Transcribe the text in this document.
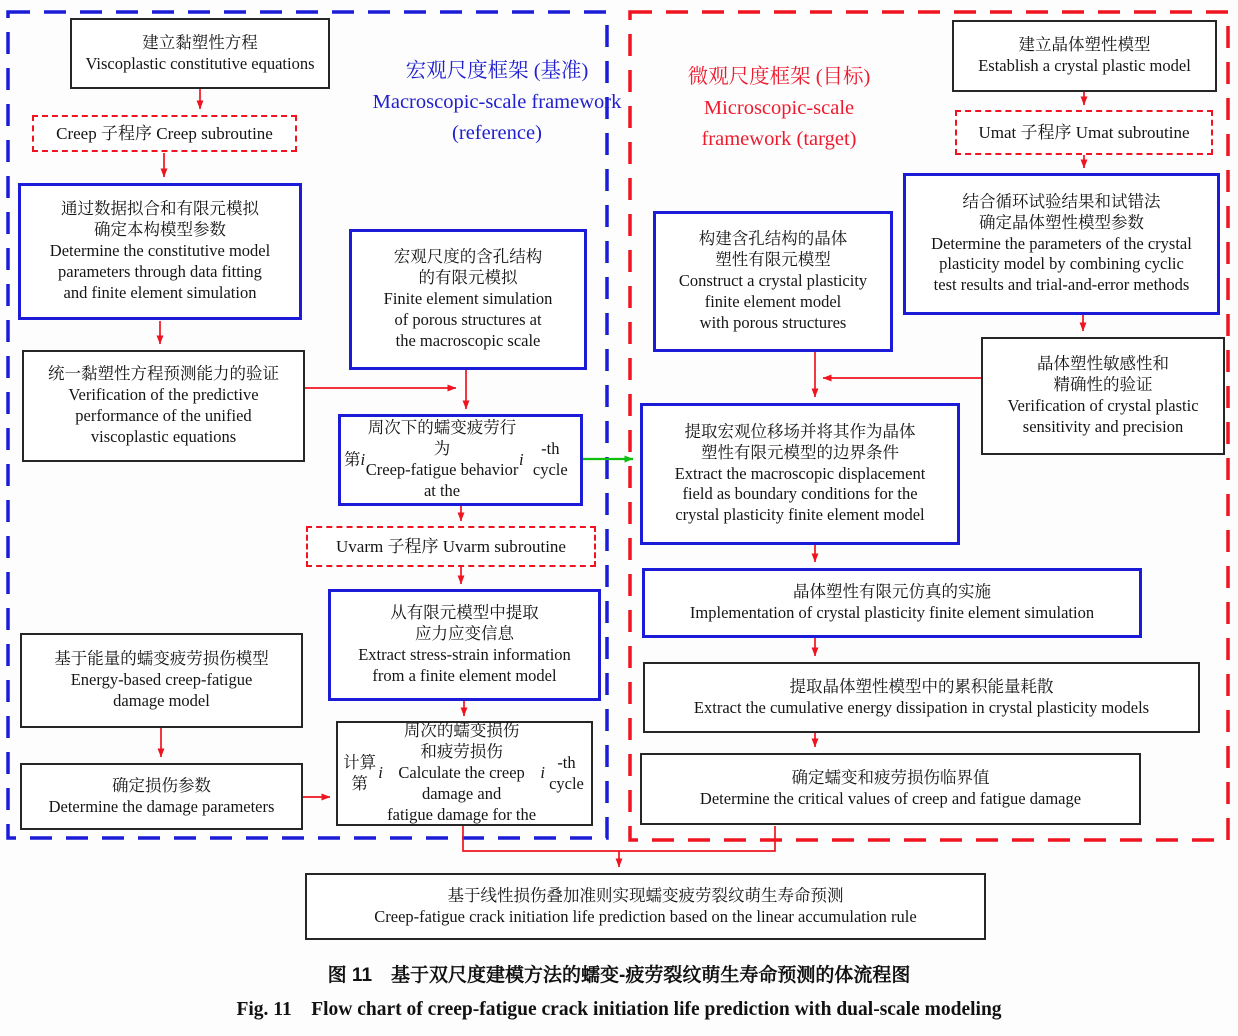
宏观尺度框架 (基准)
Macroscopic-scale framework
(reference)
微观尺度框架 (目标)
Microscopic-scale
framework (target)
建立黏塑性方程
Viscoplastic constitutive equations
Creep 子程序 Creep subroutine
通过数据拟合和有限元模拟
确定本构模型参数
Determine the constitutive model
parameters through data fitting
and finite element simulation
统一黏塑性方程预测能力的验证
Verification of the predictive
performance of the unified
viscoplastic equations
基于能量的蠕变疲劳损伤模型
Energy-based creep-fatigue
damage model
确定损伤参数
Determine the damage parameters
宏观尺度的含孔结构
的有限元模拟
Finite element simulation
of porous structures at
the macroscopic scale
第 i
周次下的蠕变疲劳行为
Creep-fatigue behavior
at the
i
-th cycle
Uvarm 子程序 Uvarm subroutine
从有限元模型中提取
应力应变信息
Extract stress-strain information
from a finite element model
计算第
i
周次的蠕变损伤
和疲劳损伤
Calculate the creep damage and
fatigue damage for the
i
-th cycle
建立晶体塑性模型
Establish a crystal plastic model
Umat 子程序 Umat subroutine
结合循环试验结果和试错法
确定晶体塑性模型参数
Determine the parameters of the crystal
plasticity model by combining cyclic
test results and trial-and-error methods
晶体塑性敏感性和
精确性的验证
Verification of crystal plastic
sensitivity and precision
构建含孔结构的晶体
塑性有限元模型
Construct a crystal plasticity
finite element model
with porous structures
提取宏观位移场并将其作为晶体
塑性有限元模型的边界条件
Extract the macroscopic displacement
field as boundary conditions for the
crystal plasticity finite element model
晶体塑性有限元仿真的实施
Implementation of crystal plasticity finite element simulation
提取晶体塑性模型中的累积能量耗散
Extract the cumulative energy dissipation in crystal plasticity models
确定蠕变和疲劳损伤临界值
Determine the critical values of creep and fatigue damage
基于线性损伤叠加准则实现蠕变疲劳裂纹萌生寿命预测
Creep-fatigue crack initiation life prediction based on the linear accumulation rule
图 11　基于双尺度建模方法的蠕变-疲劳裂纹萌生寿命预测的体流程图
Fig. 11　Flow chart of creep-fatigue crack initiation life prediction with dual-scale modeling
